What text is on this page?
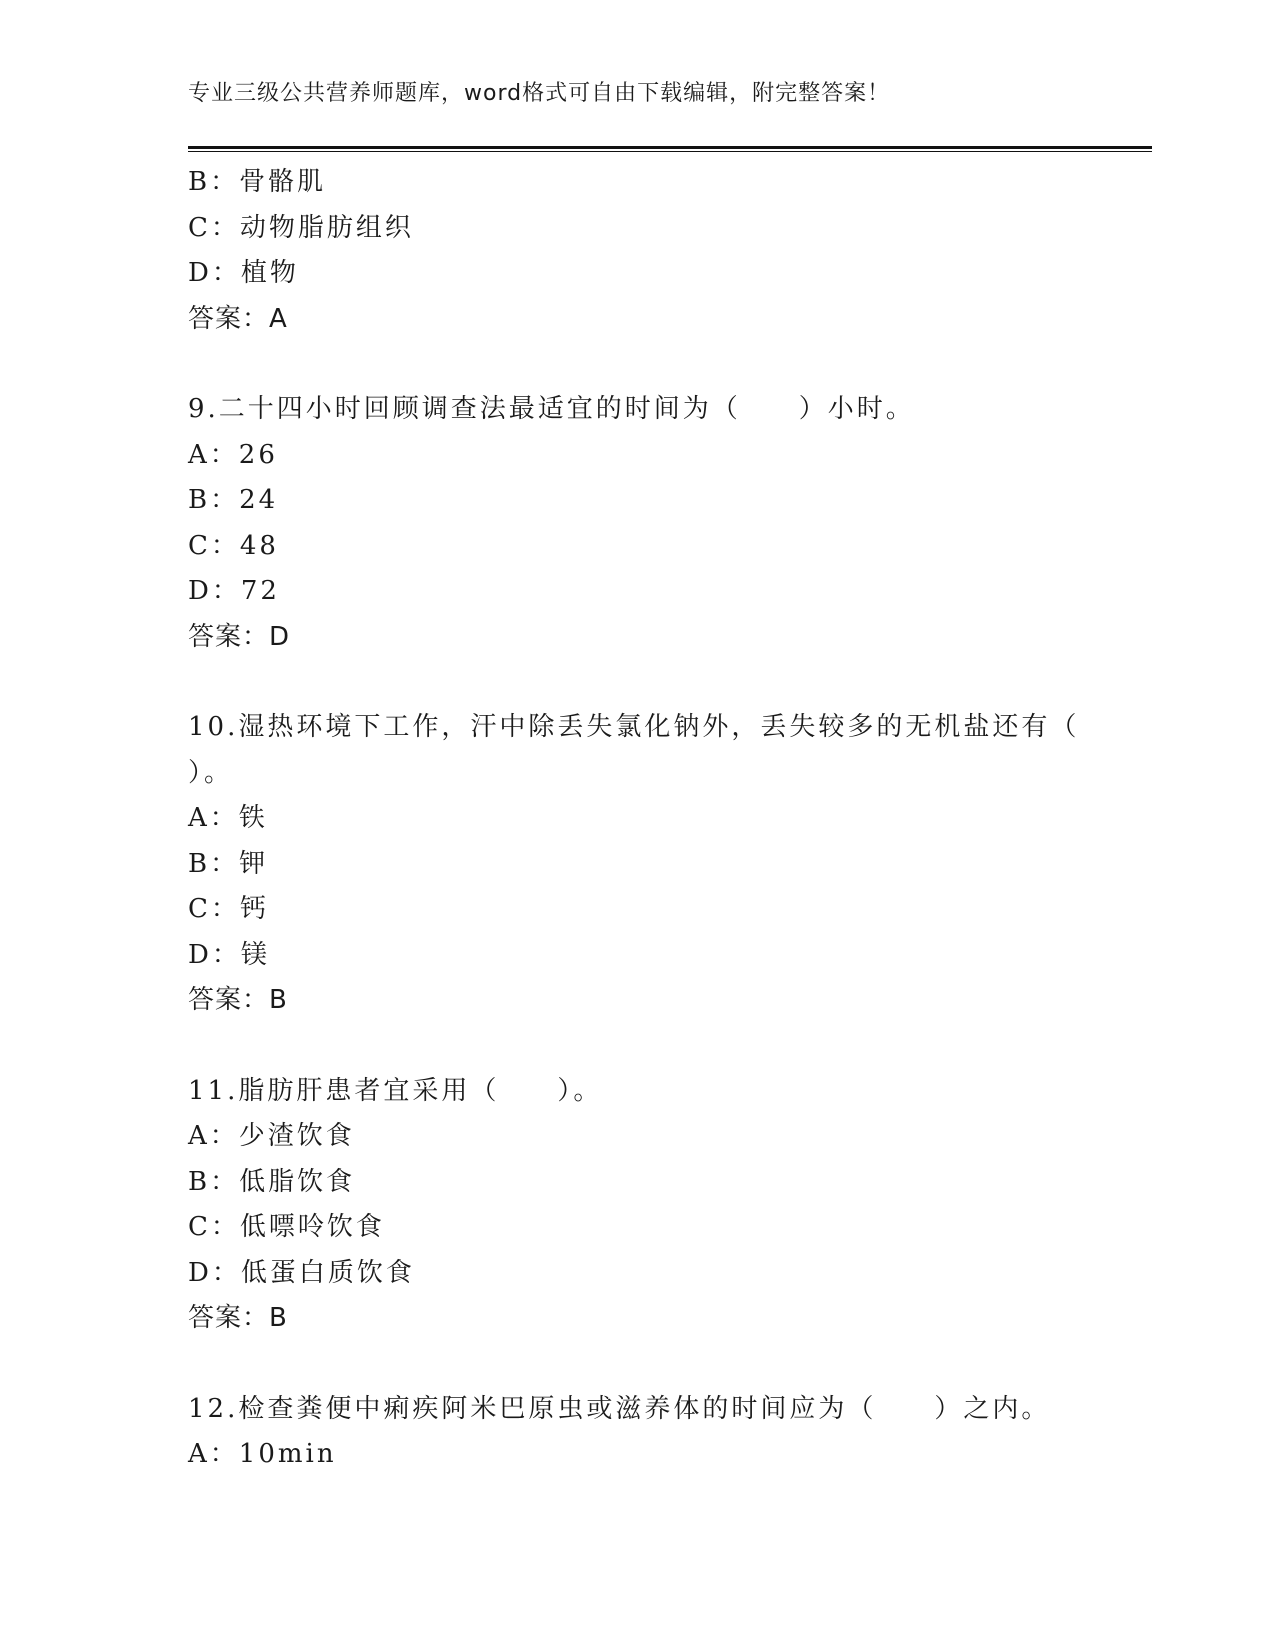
专业三级公共营养师题库，word格式可自由下载编辑，附完整答案！
B：骨骼肌
C：动物脂肪组织
D：植物
答案：A
9.二十四小时回顾调查法最适宜的时间为（　　）小时。
A：26
B：24
C：48
D：72
答案：D
10.湿热环境下工作，汗中除丢失氯化钠外，丢失较多的无机盐还有（
）。
A：铁
B：钾
C：钙
D：镁
答案：B
11.脂肪肝患者宜采用（　　）。
A：少渣饮食
B：低脂饮食
C：低嘌呤饮食
D：低蛋白质饮食
答案：B
12.检查粪便中痢疾阿米巴原虫或滋养体的时间应为（　　）之内。
A：10min
